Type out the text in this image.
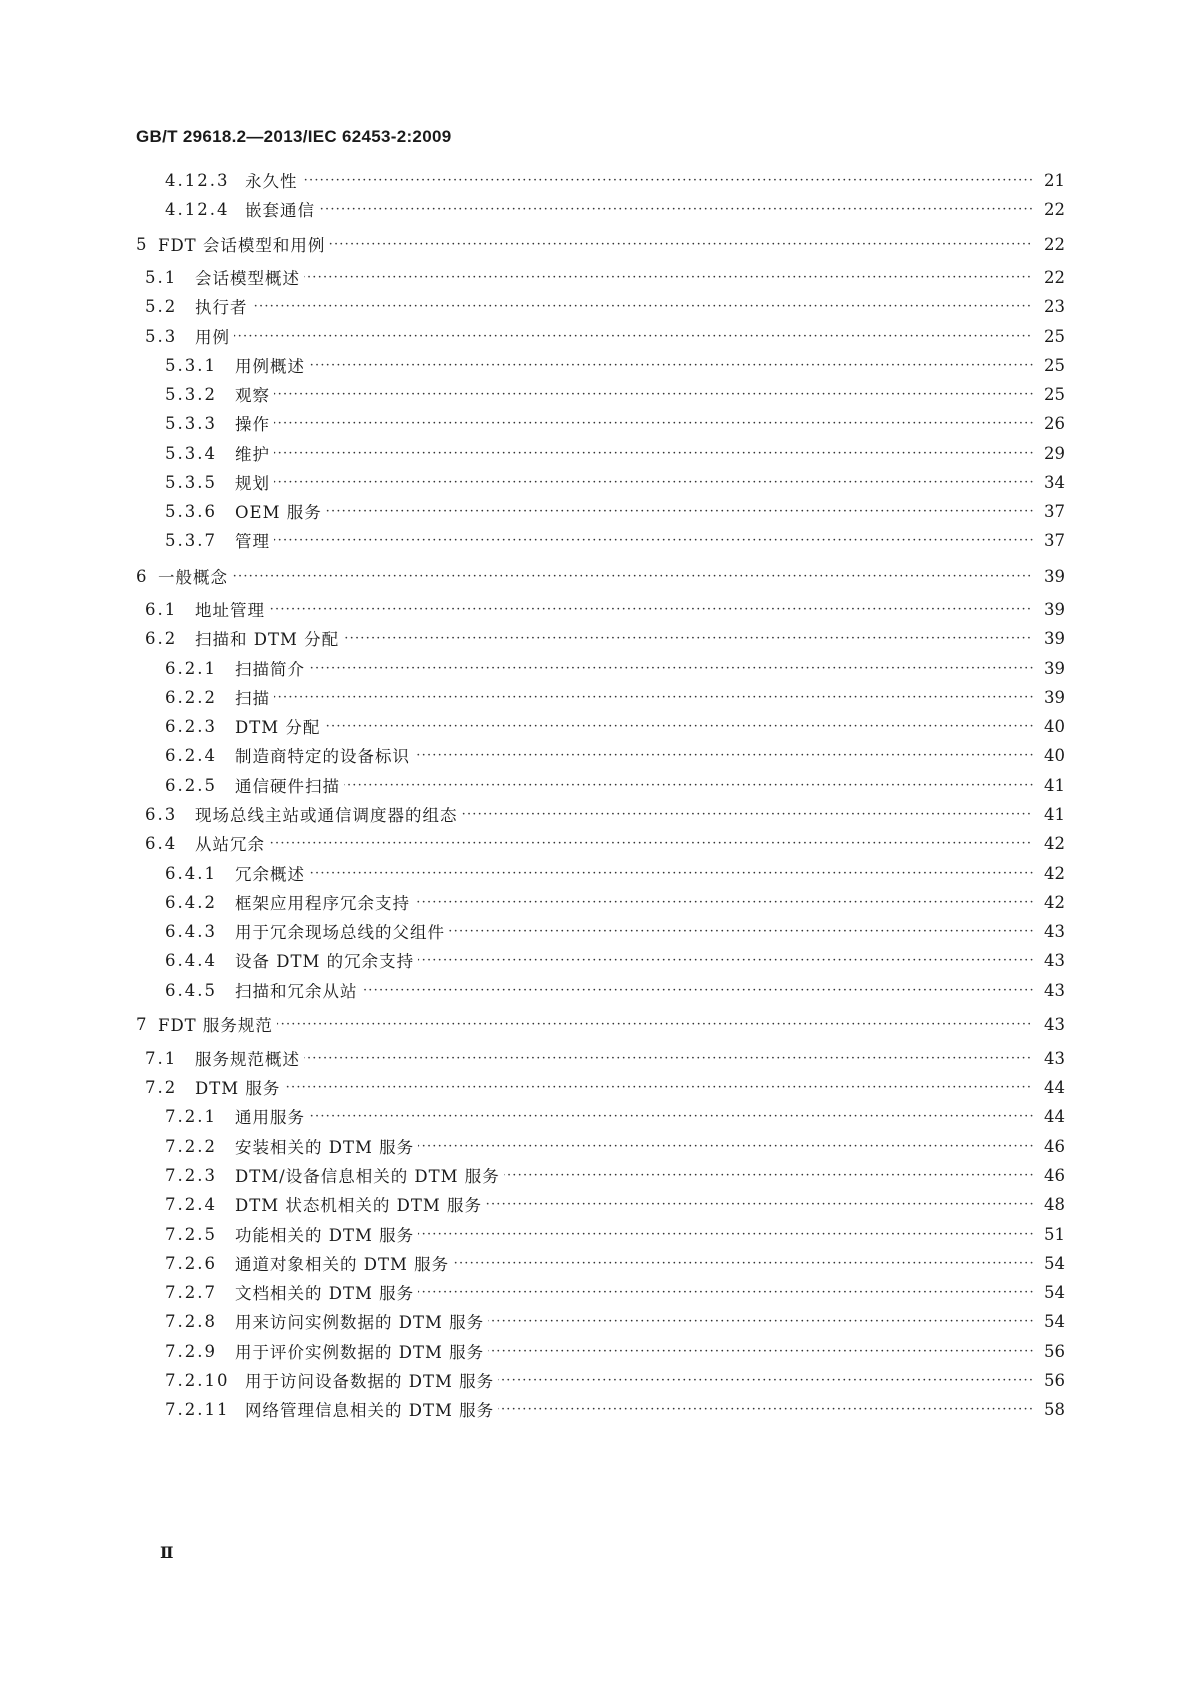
GB/T 29618.2—2013/IEC 62453-2:2009
4.12.3 ····· 永久性	21
4.12.4 ····· 嵌套通信	22
5 ····· FDT 会话模型和用例	22
5.1 ····· 会话模型概述	22
5.2 ····· 执行者	23
5.3 ····· 用例	25
5.3.1 ····· 用例概述	25
5.3.2 ····· 观察	25
5.3.3 ····· 操作	26
5.3.4 ····· 维护	29
5.3.5 ····· 规划	34
5.3.6 ····· OEM 服务	37
5.3.7 ····· 管理	37
6 ····· 一般概念	39
6.1 ····· 地址管理	39
6.2 ····· 扫描和 DTM 分配	39
6.2.1 ····· 扫描简介	39
6.2.2 ····· 扫描	39
6.2.3 ····· DTM 分配	40
6.2.4 ····· 制造商特定的设备标识	40
6.2.5 ····· 通信硬件扫描	41
6.3 ····· 现场总线主站或通信调度器的组态	41
6.4 ····· 从站冗余	42
6.4.1 ····· 冗余概述	42
6.4.2 ····· 框架应用程序冗余支持	42
6.4.3 ····· 用于冗余现场总线的父组件	43
6.4.4 ····· 设备 DTM 的冗余支持	43
6.4.5 ····· 扫描和冗余从站	43
7 ····· FDT 服务规范	43
7.1 ····· 服务规范概述	43
7.2 ····· DTM 服务	44
7.2.1 ····· 通用服务	44
7.2.2 ····· 安装相关的 DTM 服务	46
7.2.3 ····· DTM/设备信息相关的 DTM 服务	46
7.2.4 ····· DTM 状态机相关的 DTM 服务	48
7.2.5 ····· 功能相关的 DTM 服务	51
7.2.6 ····· 通道对象相关的 DTM 服务	54
7.2.7 ····· 文档相关的 DTM 服务	54
7.2.8 ····· 用来访问实例数据的 DTM 服务	54
7.2.9 ····· 用于评价实例数据的 DTM 服务	56
7.2.10 ····· 用于访问设备数据的 DTM 服务	56
7.2.11 ····· 网络管理信息相关的 DTM 服务	58
Ⅱ
